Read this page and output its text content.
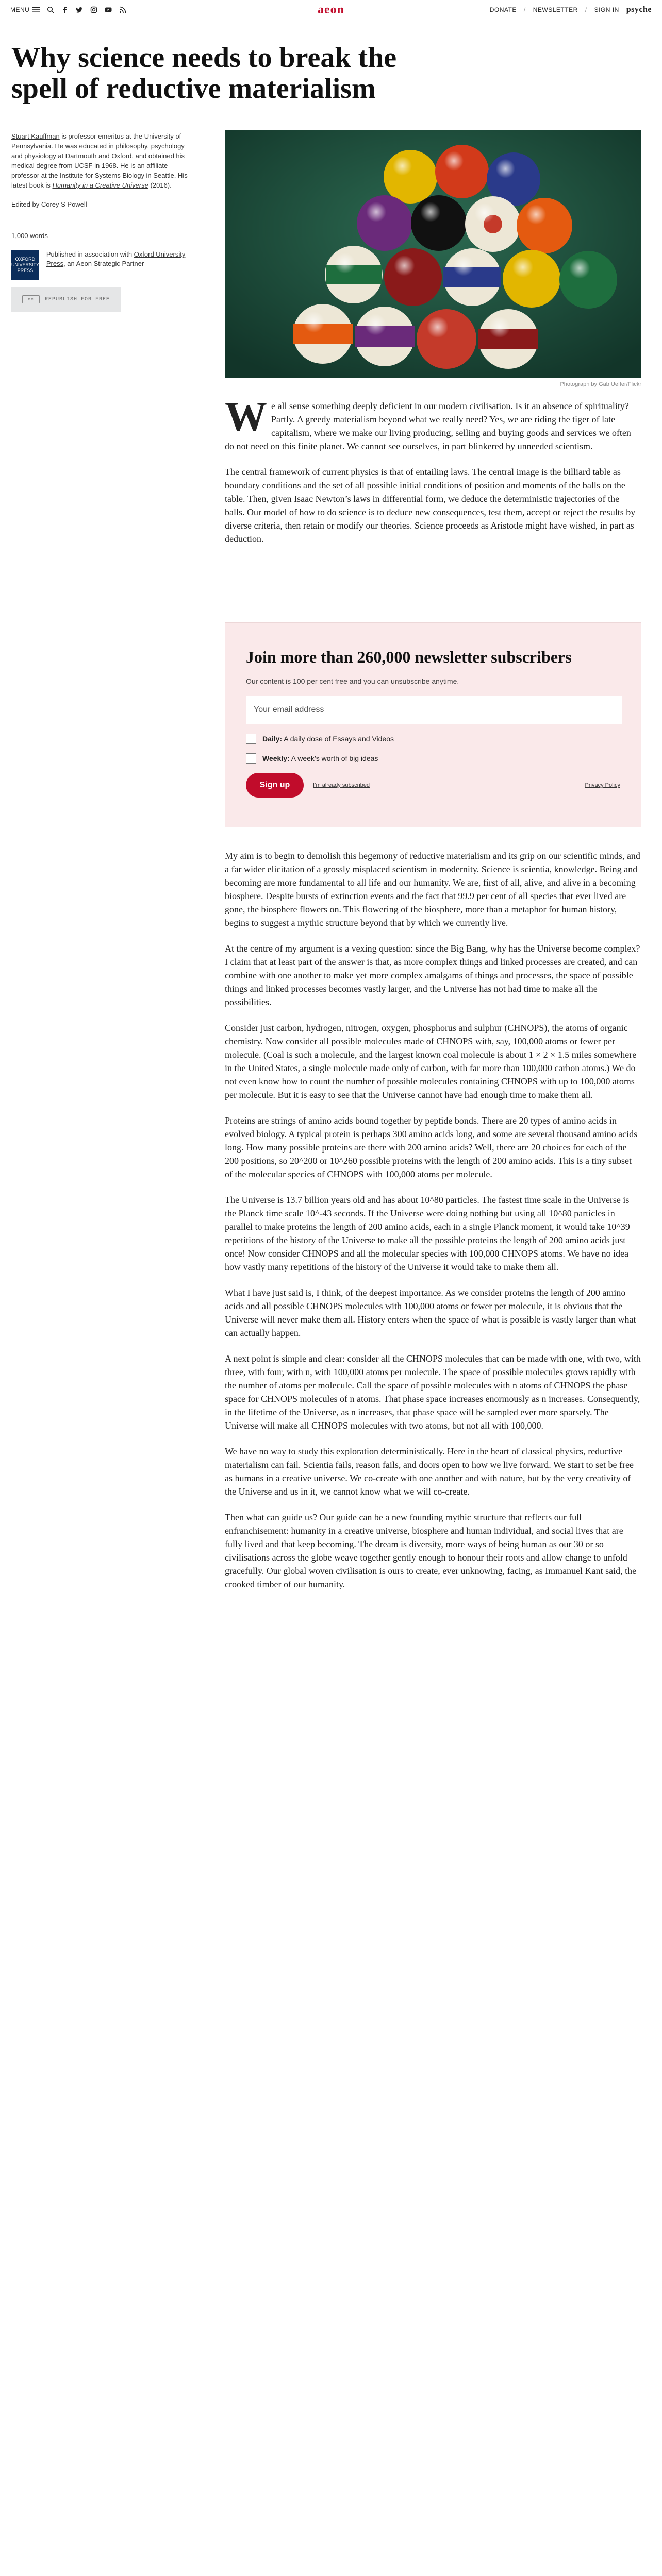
MENU	aeon	DONATE / NEWSLETTER / SIGN IN psyche
Why science needs to break the spell of reductive materialism

Stuart Kauffman is professor emeritus at the University of Pennsylvania. He was educated in philosophy, psychology and physiology at Dartmouth and Oxford, and obtained his medical degree from UCSF in 1968. He is an affiliate professor at the Institute for Systems Biology in Seattle. His latest book is Humanity in a Creative Universe (2016).

Edited by Corey S Powell

1,000 words

OXFORD UNIVERSITY PRESS

Published in association with Oxford University Press, an Aeon Strategic Partner

cc	REPUBLISH FOR FREE
Photograph by Gab Ueffer/Flickr

We all sense something deeply deficient in our modern civilisation. Is it an absence of spirituality? Partly. A greedy materialism beyond what we really need? Yes, we are riding the tiger of late capitalism, where we make our living producing, selling and buying goods and services we often do not need on this finite planet. We cannot see ourselves, in part blinkered by unneeded scientism.

The central framework of current physics is that of entailing laws. The central image is the billiard table as boundary conditions and the set of all possible initial conditions of position and moments of the balls on the table. Then, given Isaac Newton’s laws in differential form, we deduce the deterministic trajectories of the balls. Our model of how to do science is to deduce new consequences, test them, accept or reject the results by diverse criteria, then retain or modify our theories. Science proceeds as Aristotle might have wished, in part as deduction.

Join more than 260,000 newsletter subscribers

Our content is 100 per cent free and you can unsubscribe anytime.

Your email address
Daily: A daily dose of Essays and Videos
Weekly: A week’s worth of big ideas
Sign up	I’m already subscribed	Privacy Policy

My aim is to begin to demolish this hegemony of reductive materialism and its grip on our scientific minds, and a far wider elicitation of a grossly misplaced scientism in modernity. Science is scientia, knowledge. Being and becoming are more fundamental to all life and our humanity. We are, first of all, alive, and alive in a becoming biosphere. Despite bursts of extinction events and the fact that 99.9 per cent of all species that ever lived are gone, the biosphere flowers on. This flowering of the biosphere, more than a metaphor for human history, begins to suggest a mythic structure beyond that by which we currently live.

At the centre of my argument is a vexing question: since the Big Bang, why has the Universe become complex? I claim that at least part of the answer is that, as more complex things and linked processes are created, and can combine with one another to make yet more complex amalgams of things and processes, the space of possible things and linked processes becomes vastly larger, and the Universe has not had time to make all the possibilities.

Consider just carbon, hydrogen, nitrogen, oxygen, phosphorus and sulphur (CHNOPS), the atoms of organic chemistry. Now consider all possible molecules made of CHNOPS with, say, 100,000 atoms or fewer per molecule. (Coal is such a molecule, and the largest known coal molecule is about 1 × 2 × 1.5 miles somewhere in the United States, a single molecule made only of carbon, with far more than 100,000 carbon atoms.) We do not even know how to count the number of possible molecules containing CHNOPS with up to 100,000 atoms per molecule. But it is easy to see that the Universe cannot have had enough time to make them all.

Proteins are strings of amino acids bound together by peptide bonds. There are 20 types of amino acids in evolved biology. A typical protein is perhaps 300 amino acids long, and some are several thousand amino acids long. How many possible proteins are there with 200 amino acids? Well, there are 20 choices for each of the 200 positions, so 20^200 or 10^260 possible proteins with the length of 200 amino acids. This is a tiny subset of the molecular species of CHNOPS with 100,000 atoms per molecule.

The Universe is 13.7 billion years old and has about 10^80 particles. The fastest time scale in the Universe is the Planck time scale 10^-43 seconds. If the Universe were doing nothing but using all 10^80 particles in parallel to make proteins the length of 200 amino acids, each in a single Planck moment, it would take 10^39 repetitions of the history of the Universe to make all the possible proteins the length of 200 amino acids just once! Now consider CHNOPS and all the molecular species with 100,000 CHNOPS atoms. We have no idea how vastly many repetitions of the history of the Universe it would take to make them all.

What I have just said is, I think, of the deepest importance. As we consider proteins the length of 200 amino acids and all possible CHNOPS molecules with 100,000 atoms or fewer per molecule, it is obvious that the Universe will never make them all. History enters when the space of what is possible is vastly larger than what can actually happen.

A next point is simple and clear: consider all the CHNOPS molecules that can be made with one, with two, with three, with four, with n, with 100,000 atoms per molecule. The space of possible molecules grows rapidly with the number of atoms per molecule. Call the space of possible molecules with n atoms of CHNOPS the phase space for CHNOPS molecules of n atoms. That phase space increases enormously as n increases. Consequently, in the lifetime of the Universe, as n increases, that phase space will be sampled ever more sparsely. The Universe will make all CHNOPS molecules with two atoms, but not all with 100,000.

We have no way to study this exploration deterministically. Here in the heart of classical physics, reductive materialism can fail. Scientia fails, reason fails, and doors open to how we live forward. We start to set be free as humans in a creative universe. We co-create with one another and with nature, but by the very creativity of the Universe and us in it, we cannot know what we will co-create.

Then what can guide us? Our guide can be a new founding mythic structure that reflects our full enfranchisement: humanity in a creative universe, biosphere and human individual, and social lives that are fully lived and that keep becoming. The dream is diversity, more ways of being human as our 30 or so civilisations across the globe weave together gently enough to honour their roots and allow change to unfold gracefully. Our global woven civilisation is ours to create, ever unknowing, facing, as Immanuel Kant said, the crooked timber of our humanity.
